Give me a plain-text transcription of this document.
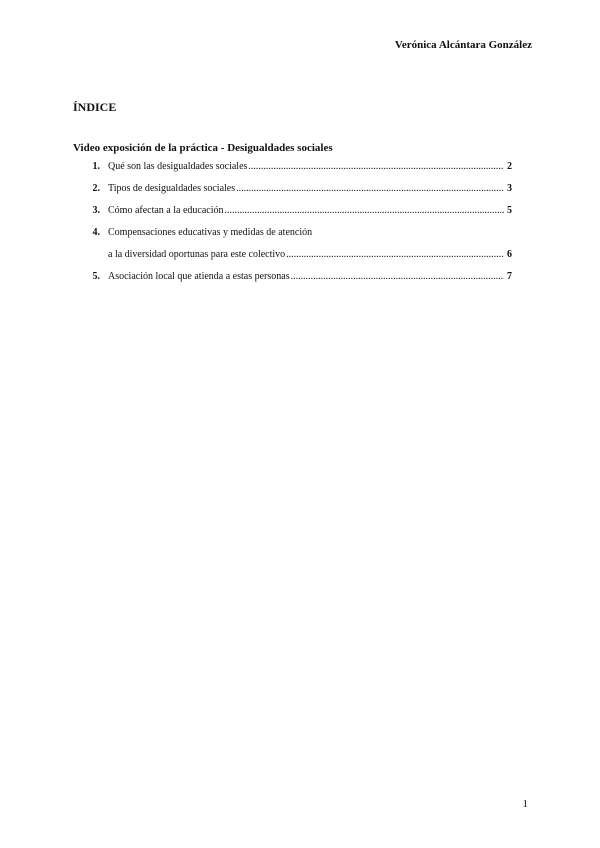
Verónica Alcántara González
ÍNDICE
Video exposición de la práctica - Desigualdades sociales
1. Qué son las desigualdades sociales .....	2
2. Tipos de desigualdades sociales .....	3
3. Cómo afectan a la educación .....	5
4. Compensaciones educativas y medidas de atención
a la diversidad oportunas para este colectivo .....	6
5. Asociación local que atienda a estas personas .....	7
1
